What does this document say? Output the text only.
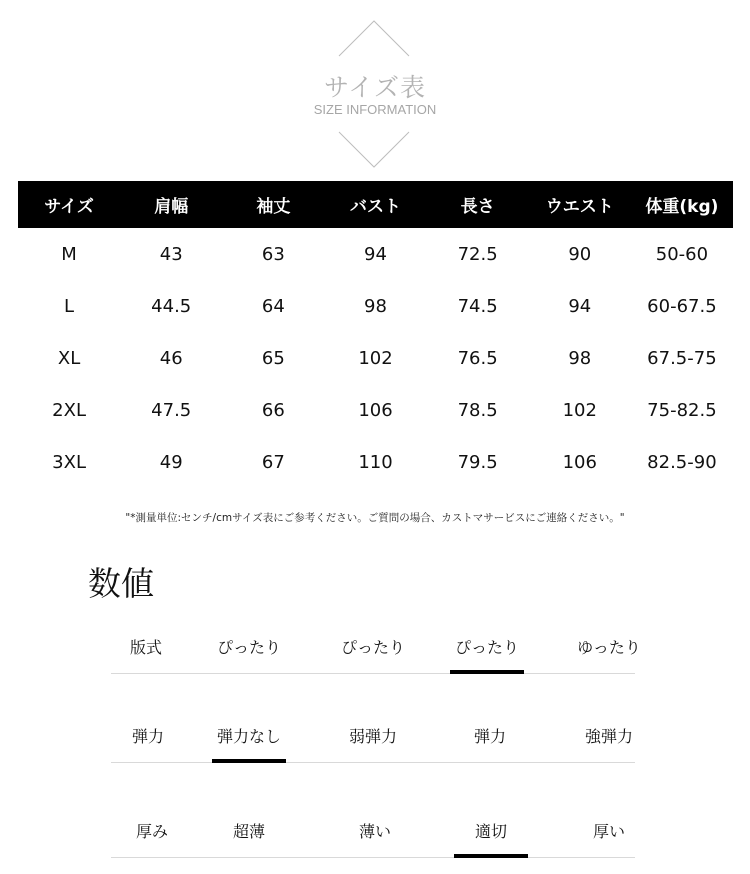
サイズ表
SIZE INFORMATION
サイズ	肩幅	袖丈	バスト	長さ	ウエスト	体重(kg)
M	43	63	94	72.5	90	50-60
L	44.5	64	98	74.5	94	60-67.5
XL	46	65	102	76.5	98	67.5-75
2XL	47.5	66	106	78.5	102	75-82.5
3XL	49	67	110	79.5	106	82.5-90
"*測量単位:センチ/cmサイズ表にご参考ください。ご質問の場合、カストマサービスにご連絡ください。"
数値
版式	ぴったり	ぴったり	ぴったり	ゆったり
弾力	弾力なし	弱弾力	弾力	強弾力
厚み	超薄	薄い	適切	厚い
